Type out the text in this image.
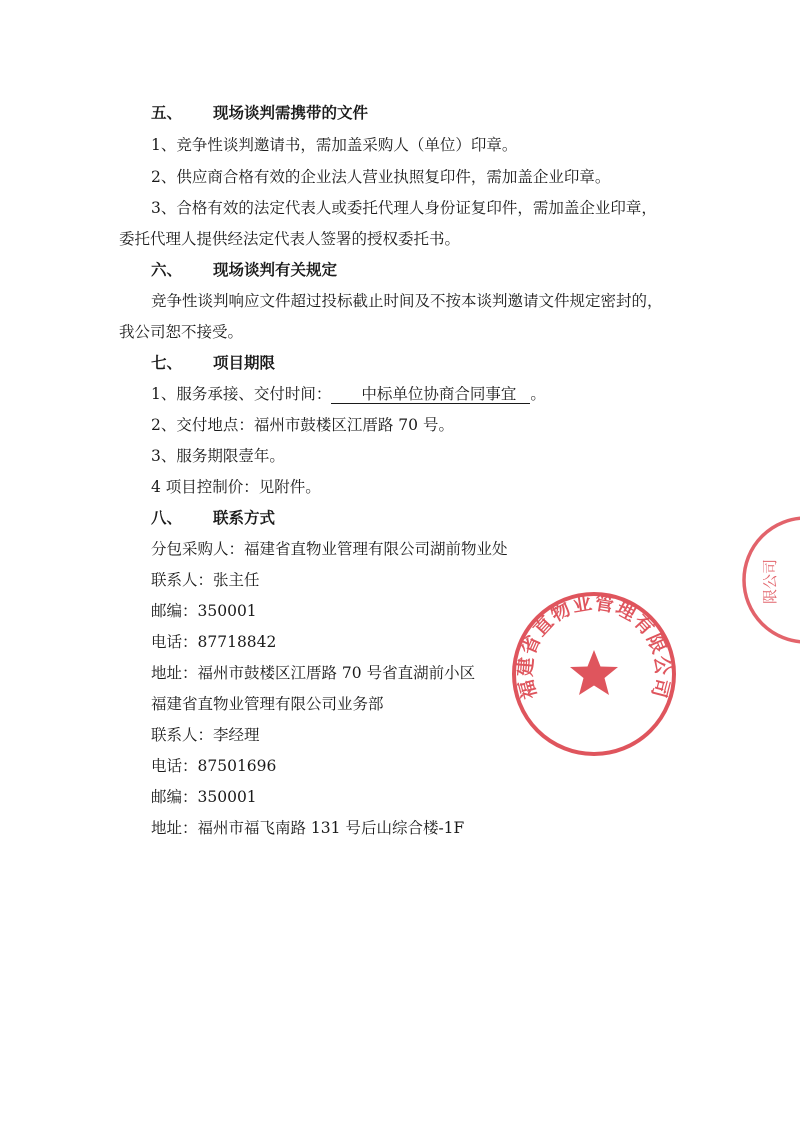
五、 现场谈判需携带的文件
1、竞争性谈判邀请书，需加盖采购人（单位）印章。
2、供应商合格有效的企业法人营业执照复印件，需加盖企业印章。
3、合格有效的法定代表人或委托代理人身份证复印件，需加盖企业印章，
委托代理人提供经法定代表人签署的授权委托书。
六、 现场谈判有关规定
竞争性谈判响应文件超过投标截止时间及不按本谈判邀请文件规定密封的，
我公司恕不接受。
七、 项目期限
1、服务承接、交付时间： 中标单位协商合同事宜 。
2、交付地点：福州市鼓楼区江厝路 70 号。
3、服务期限壹年。
4 项目控制价：见附件。
八、 联系方式
分包采购人：福建省直物业管理有限公司湖前物业处
联系人：张主任
邮编：350001
电话：87718842
地址：福州市鼓楼区江厝路 70 号省直湖前小区
福建省直物业管理有限公司业务部
联系人：李经理
电话：87501696
邮编：350001
地址：福州市福飞南路 131 号后山综合楼-1F
福建省直物业管理有限公司
限公司
